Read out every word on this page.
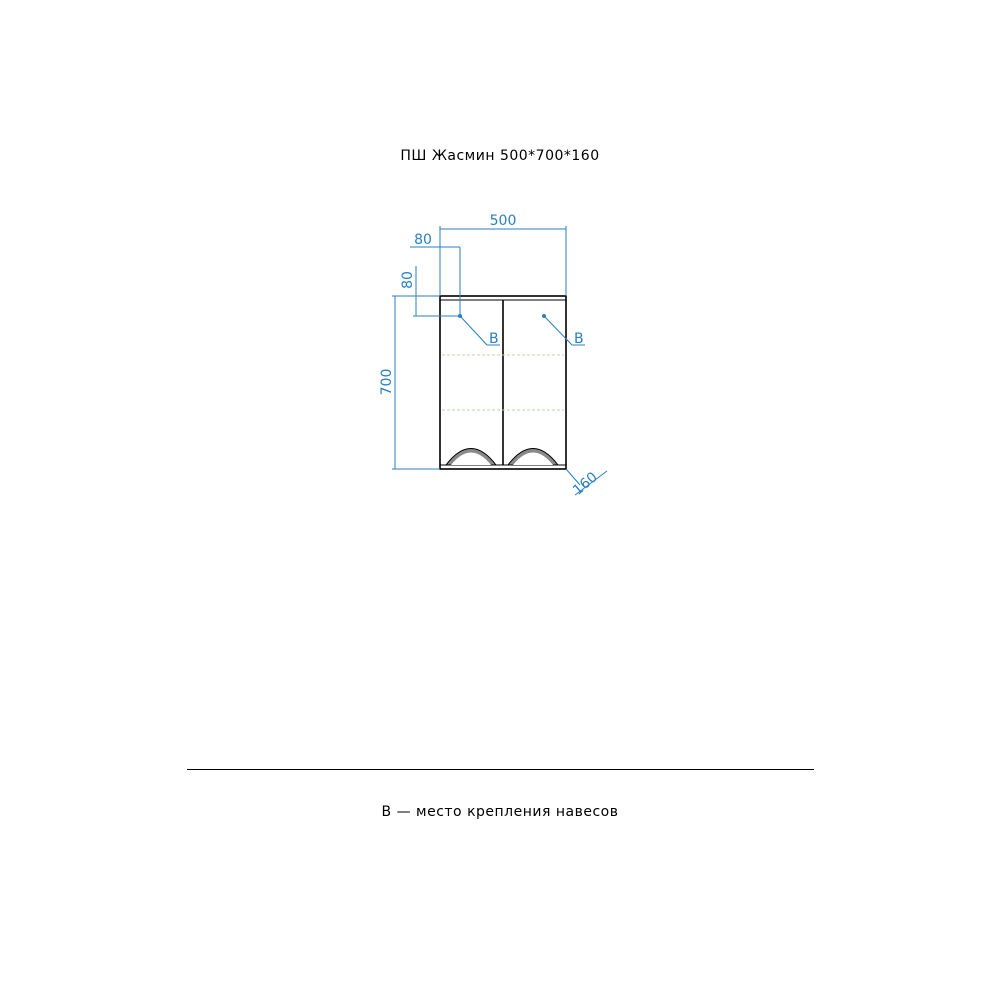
ПШ Жасмин 500*700*160
500
80
80
700
160
B	B
B — место крепления навесов
